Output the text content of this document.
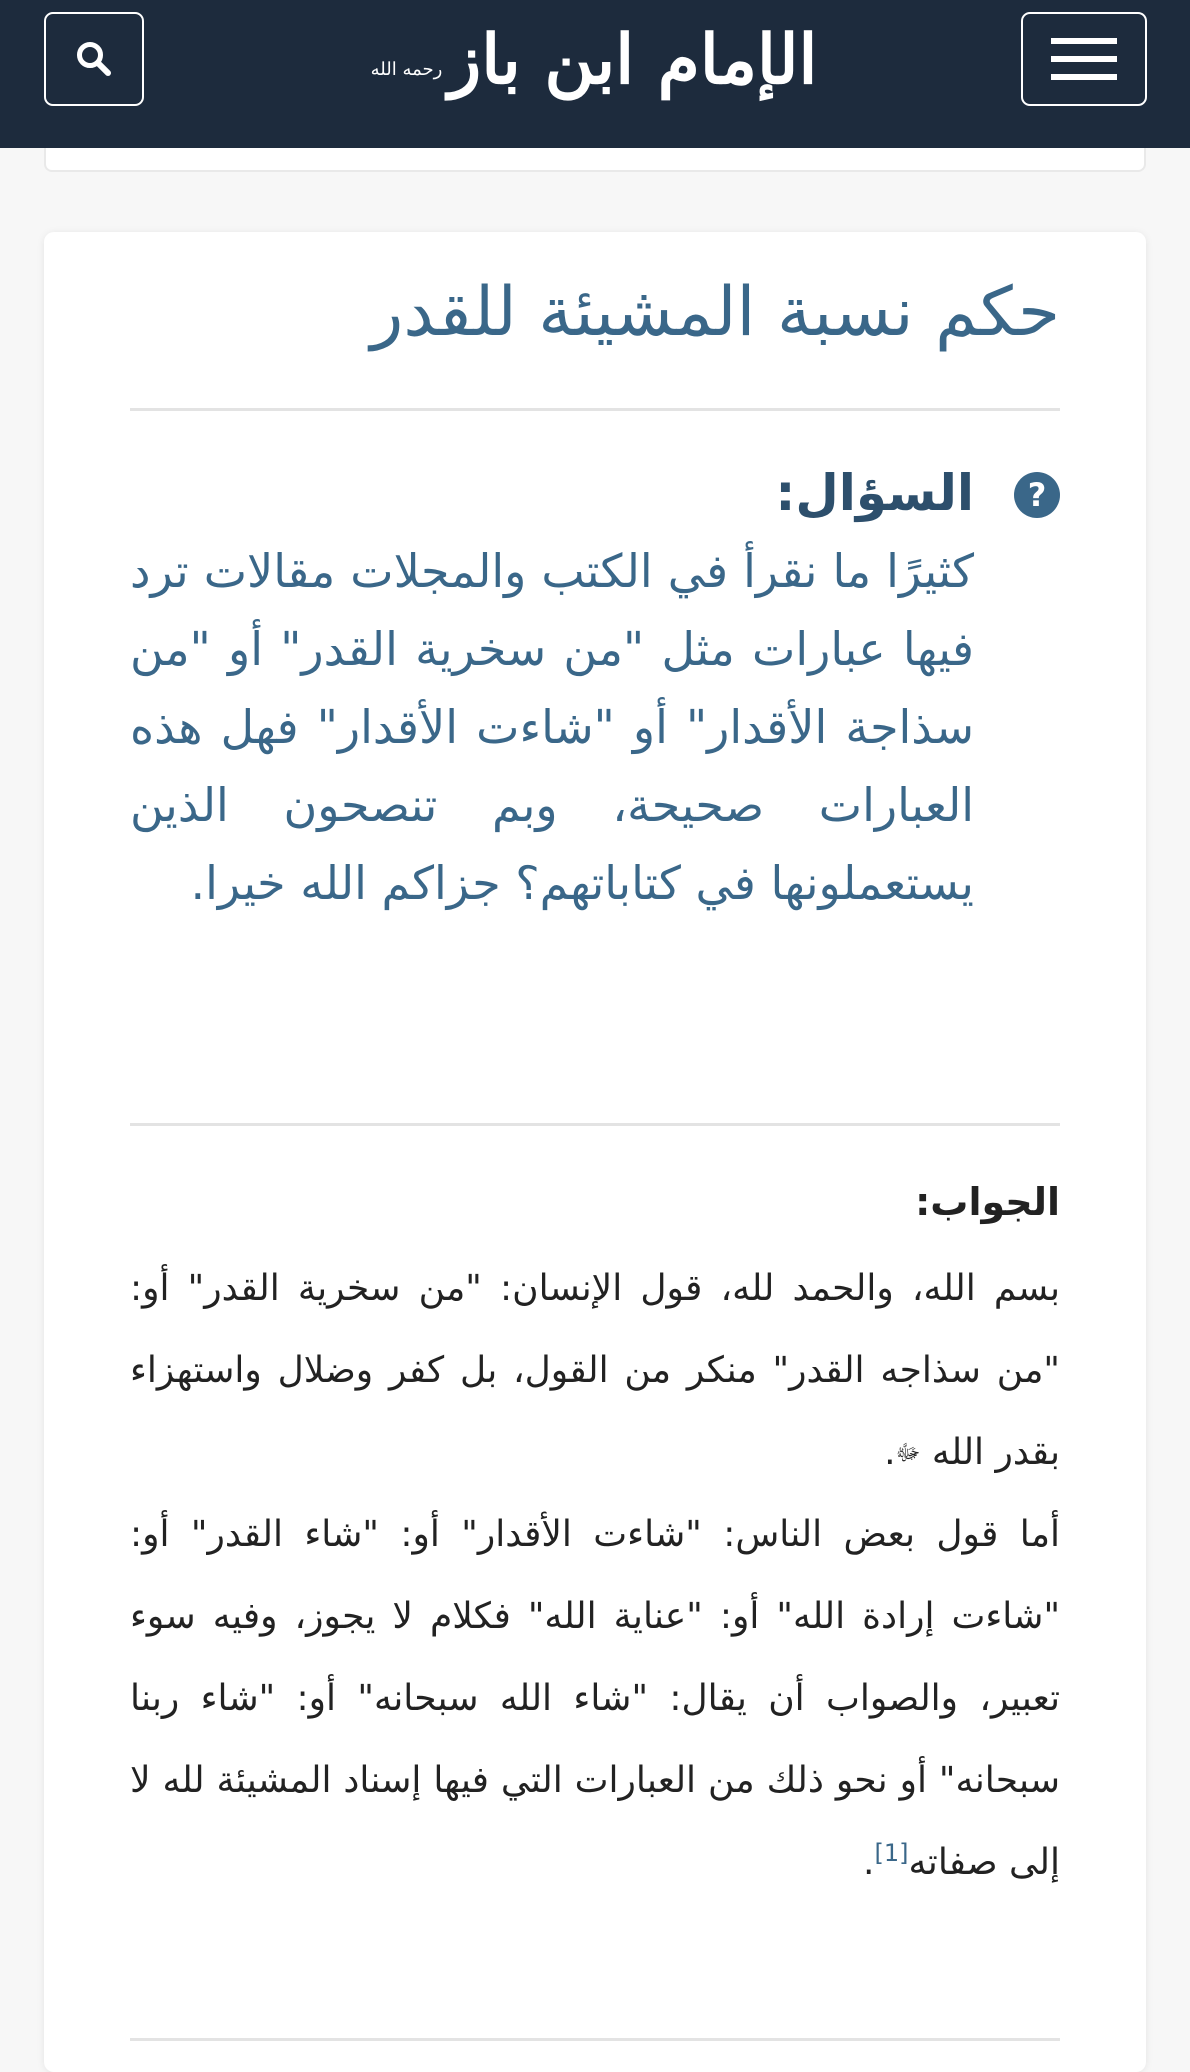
رحمه الله الإمام ابن باز
حكم نسبة المشيئة للقدر
?
السؤال:

كثيرًا ما نقرأ في الكتب والمجلات مقالات ترد فيها عبارات مثل "من سخرية القدر" أو "من سذاجة الأقدار" أو "شاءت الأقدار" فهل هذه العبارات صحيحة، وبم تنصحون الذين يستعملونها في كتاباتهم؟ جزاكم الله خيرا.

الجواب:

بسم الله، والحمد لله، قول الإنسان: "من سخرية القدر" أو: "من سذاجه القدر" منكر من القول، بل كفر وضلال واستهزاء بقدر الله ﷻ.

أما قول بعض الناس: "شاءت الأقدار" أو: "شاء القدر" أو: "شاءت إرادة الله" أو: "عناية الله" فكلام لا يجوز، وفيه سوء تعبير، والصواب أن يقال: "شاء الله سبحانه" أو: "شاء ربنا سبحانه" أو نحو ذلك من العبارات التي فيها إسناد المشيئة لله لا إلى صفاته[1].
